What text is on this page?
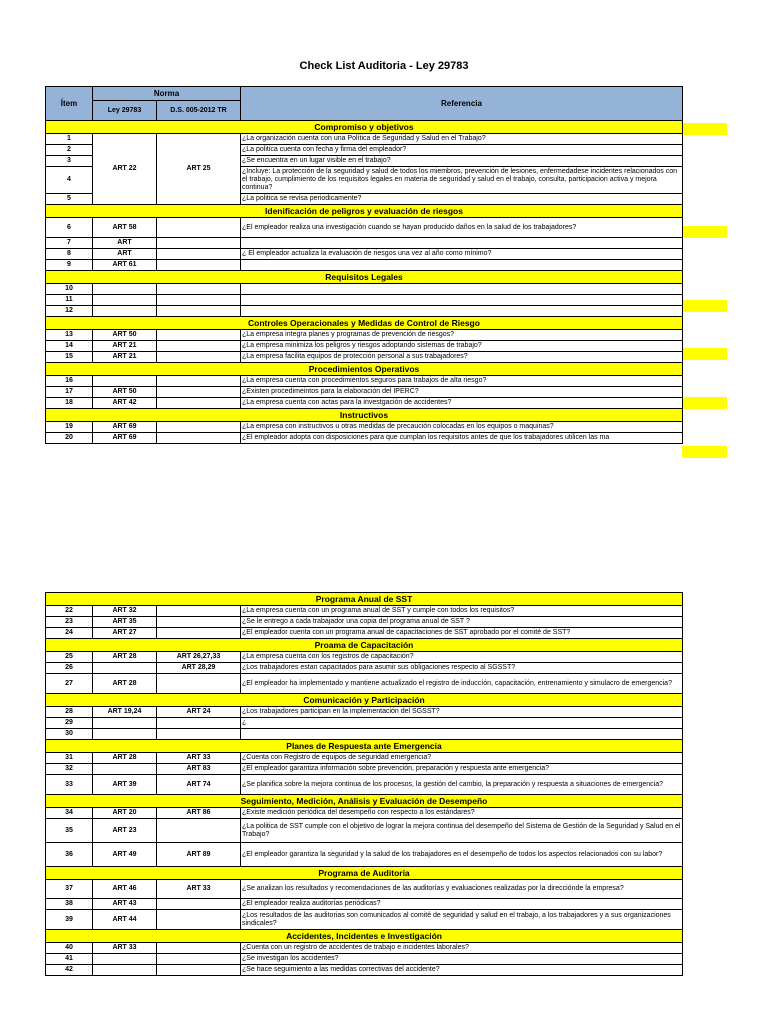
Check List Auditoria - Ley 29783
Ítem	Norma		Referencia
	Ley 29783	D.S. 005-2012 TR	
Compromiso y objetivos			
1	ART 22	ART 25	¿La organización cuenta con una Política de Seguridad y Salud en el Trabajo?
2			¿La politica cuenta con fecha y firma del empleador?
3			¿Se encuentra en un lugar visible en el trabajo?
4			¿Incluye: La protección de la seguridad y salud de todos los miembros, prevención de lesiones, enfermedadese incidentes relacionados con el trabajo, cumplimiento de los requisitos legales en materia de seguridad y salud en el trabajo, consulta, participacion activa y mejora continua?
5			¿La politica se revisa periodicamente?
Idenificación de peligros y evaluación de riesgos			
6	ART 58		¿El empleador realiza una investigaciòn cuando se hayan producido daños en la salud de los trabajadores?
7	ART		
8	ART		¿ El empleador actualiza la evaluación de riesgos una vez al año como mínimo?
9	ART 61		
Requisitos Legales			
10			
11			
12			
Controles Operacionales y Medidas de Control de Riesgo			
13	ART 50		¿La empresa integra planes y programas de prevención de riesgos?
14	ART 21		¿La empresa minimiza los peligros y riesgos adoptando sistemas de trabajo?
15	ART 21		¿La empresa facilita equipos de protección personal a sus trabajadores?
Procedimientos Operativos			
16			¿La empresa cuenta con procedimientos seguros para trabajos de alta riesgo?
17	ART 50		¿Existen procedimeintos para la elaboración del IPERC?
18	ART 42		¿La empresa cuenta con actas para la investgación de accidentes?
Instructivos			
19	ART 69		¿La empresa con instructivos u otras medidas de precaución colocadas en los equipos o maquinas?
20	ART 69		¿El empleador adopta con disposiciones para que cumplan los requisitos antes de que los trabajadores utilicen las ma
Programa Anual de SST			
22	ART 32		¿La empresa cuenta con un programa anual de SST y cumple con todos los requisitos?
23	ART 35		¿Se le entrego a cada trabajador una copia del programa anual de SST ?
24	ART 27		¿El empleador cuenta con un programa anual de capacitaciones de SST aprobado por el comité de SST?
Proama de Capacitación			
25	ART 28	ART 26,27,33	¿La empresa cuenta con los registros de capacitación?
26		ART 28,29	¿Los trabajadores estan capacitados para asumir sus obligaciones respecto al SGSST?
27	ART 28		¿El empleador ha implementado y mantiene actualizado el registro de induccíón, capacitación, entrenamiento y simulacro de emergencia?
Comunicación y Participación			
28	ART 19,24	ART 24	¿Los trabajadores participan en la implementación del SGSST?
29			¿
30			
Planes de Respuesta ante Emergencia			
31	ART 28	ART 33	¿Cuenta con Registro de equipos de seguridad emergencia?
32		ART 83	¿El empleador garantiza información sobre prevención, preparación y respuesta ante emergencia?
33	ART 39	ART 74	¿Se planifica sobre la mejora continua de los procesos, la gestión del cambio, la preparación y respuesta a situaciones de emergencia?
Seguimiento, Medición, Análisis y Evaluación de Desempeño			
34	ART 20	ART 86	¿Existe medición periódica del desempeño con respecto a los estándares?
35	ART 23		¿La politica de SST cumple con el objetivo de lograr la mejora continua del desempeño del Sistema de Gestión de la Seguridad y Salud en el Trabajo?
36	ART 49	ART 89	¿El empleador garantiza la seguridad y la salud de los trabajadores en el desempeño de todos los aspectos relacionados con su labor?
Programa de Auditoría			
37	ART 46	ART 33	¿Se analizan los resultados y recomendaciones de las auditorías y evaluaciones realizadas por la direccióndе la empresa?
38	ART 43		¿El empleador realiza auditorías periódicas?
39	ART 44		¿Los resultados de las auditorias son comunicados al comité de seguridad y salud en el trabajo, a los trabajadores y a sus organizaciones sindicales?
Accidentes, Incidentes e Investigación			
40	ART 33		¿Cuenta con un registro de accidentes de trabajo e incidentes laborales?
41			¿Se investigan los accidentes?
42			¿Se hace seguimiento a las medidas correctivas del accidente?
